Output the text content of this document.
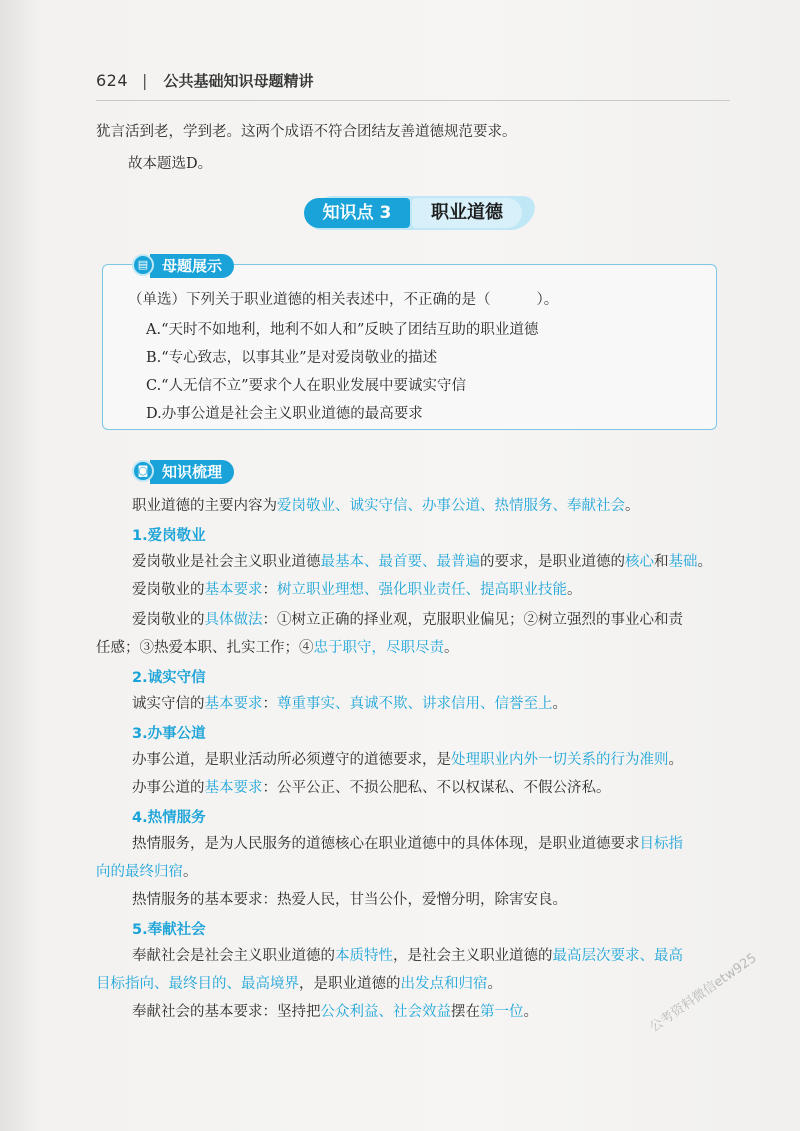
624 | 公共基础知识母题精讲
犹言活到老，学到老。这两个成语不符合团结友善道德规范要求。
故本题选D。
知识点 3	职业道德
母题展示
▤
（单选）下列关于职业道德的相关表述中，不正确的是（	）。
A.“天时不如地利，地利不如人和”反映了团结互助的职业道德
B.“专心致志，以事其业”是对爱岗敬业的描述
C.“人无信不立”要求个人在职业发展中要诚实守信
D.办事公道是社会主义职业道德的最高要求
知识梳理
◙
职业道德的主要内容为爱岗敬业、诚实守信、办事公道、热情服务、奉献社会。
1.爱岗敬业
爱岗敬业是社会主义职业道德最基本、最首要、最普遍的要求，是职业道德的核心和基础。
爱岗敬业的基本要求：树立职业理想、强化职业责任、提高职业技能。
爱岗敬业的具体做法：①树立正确的择业观，克服职业偏见；②树立强烈的事业心和责
任感；③热爱本职、扎实工作；④忠于职守，尽职尽责。
2.诚实守信
诚实守信的基本要求：尊重事实、真诚不欺、讲求信用、信誉至上。
3.办事公道
办事公道，是职业活动所必须遵守的道德要求，是处理职业内外一切关系的行为准则。
办事公道的基本要求：公平公正、不损公肥私、不以权谋私、不假公济私。
4.热情服务
热情服务，是为人民服务的道德核心在职业道德中的具体体现，是职业道德要求目标指
向的最终归宿。
热情服务的基本要求：热爱人民，甘当公仆，爱憎分明，除害安良。
5.奉献社会
奉献社会是社会主义职业道德的本质特性，是社会主义职业道德的最高层次要求、最高
目标指向、最终目的、最高境界，是职业道德的出发点和归宿。
奉献社会的基本要求：坚持把公众利益、社会效益摆在第一位。	公考资料微信etw925
